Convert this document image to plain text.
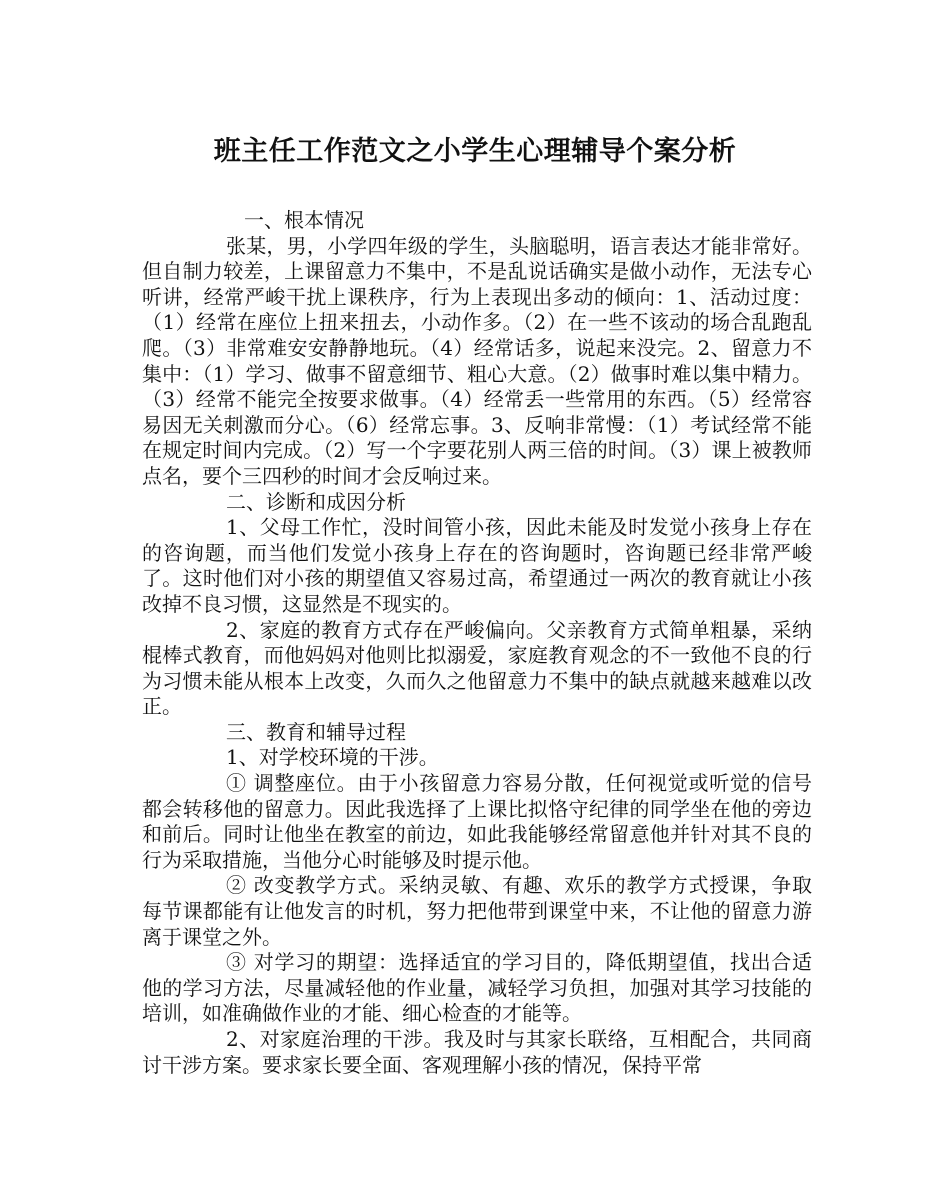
班主任工作范文之小学生心理辅导个案分析

一、根本情况

张某，男，小学四年级的学生，头脑聪明，语言表达才能非常好。但自制力较差，上课留意力不集中，不是乱说话确实是做小动作，无法专心听讲，经常严峻干扰上课秩序，行为上表现出多动的倾向：1、活动过度：（1）经常在座位上扭来扭去，小动作多。（2）在一些不该动的场合乱跑乱爬。（3）非常难安安静静地玩。（4）经常话多，说起来没完。2、留意力不集中：（1）学习、做事不留意细节、粗心大意。（2）做事时难以集中精力。（3）经常不能完全按要求做事。（4）经常丢一些常用的东西。（5）经常容易因无关刺激而分心。（6）经常忘事。3、反响非常慢：（1）考试经常不能在规定时间内完成。（2）写一个字要花别人两三倍的时间。（3）课上被教师点名，要个三四秒的时间才会反响过来。

二、诊断和成因分析

1、父母工作忙，没时间管小孩，因此未能及时发觉小孩身上存在的咨询题，而当他们发觉小孩身上存在的咨询题时，咨询题已经非常严峻了。这时他们对小孩的期望值又容易过高，希望通过一两次的教育就让小孩改掉不良习惯，这显然是不现实的。

2、家庭的教育方式存在严峻偏向。父亲教育方式简单粗暴，采纳棍棒式教育，而他妈妈对他则比拟溺爱，家庭教育观念的不一致他不良的行为习惯未能从根本上改变，久而久之他留意力不集中的缺点就越来越难以改正。

三、教育和辅导过程

1、对学校环境的干涉。

① 调整座位。由于小孩留意力容易分散，任何视觉或听觉的信号都会转移他的留意力。因此我选择了上课比拟恪守纪律的同学坐在他的旁边和前后。同时让他坐在教室的前边，如此我能够经常留意他并针对其不良的行为采取措施，当他分心时能够及时提示他。

② 改变教学方式。采纳灵敏、有趣、欢乐的教学方式授课，争取每节课都能有让他发言的时机，努力把他带到课堂中来，不让他的留意力游离于课堂之外。

③ 对学习的期望：选择适宜的学习目的，降低期望值，找出合适他的学习方法，尽量减轻他的作业量，减轻学习负担，加强对其学习技能的培训，如准确做作业的才能、细心检查的才能等。

2、对家庭治理的干涉。我及时与其家长联络，互相配合，共同商讨干涉方案。要求家长要全面、客观理解小孩的情况，保持平常
